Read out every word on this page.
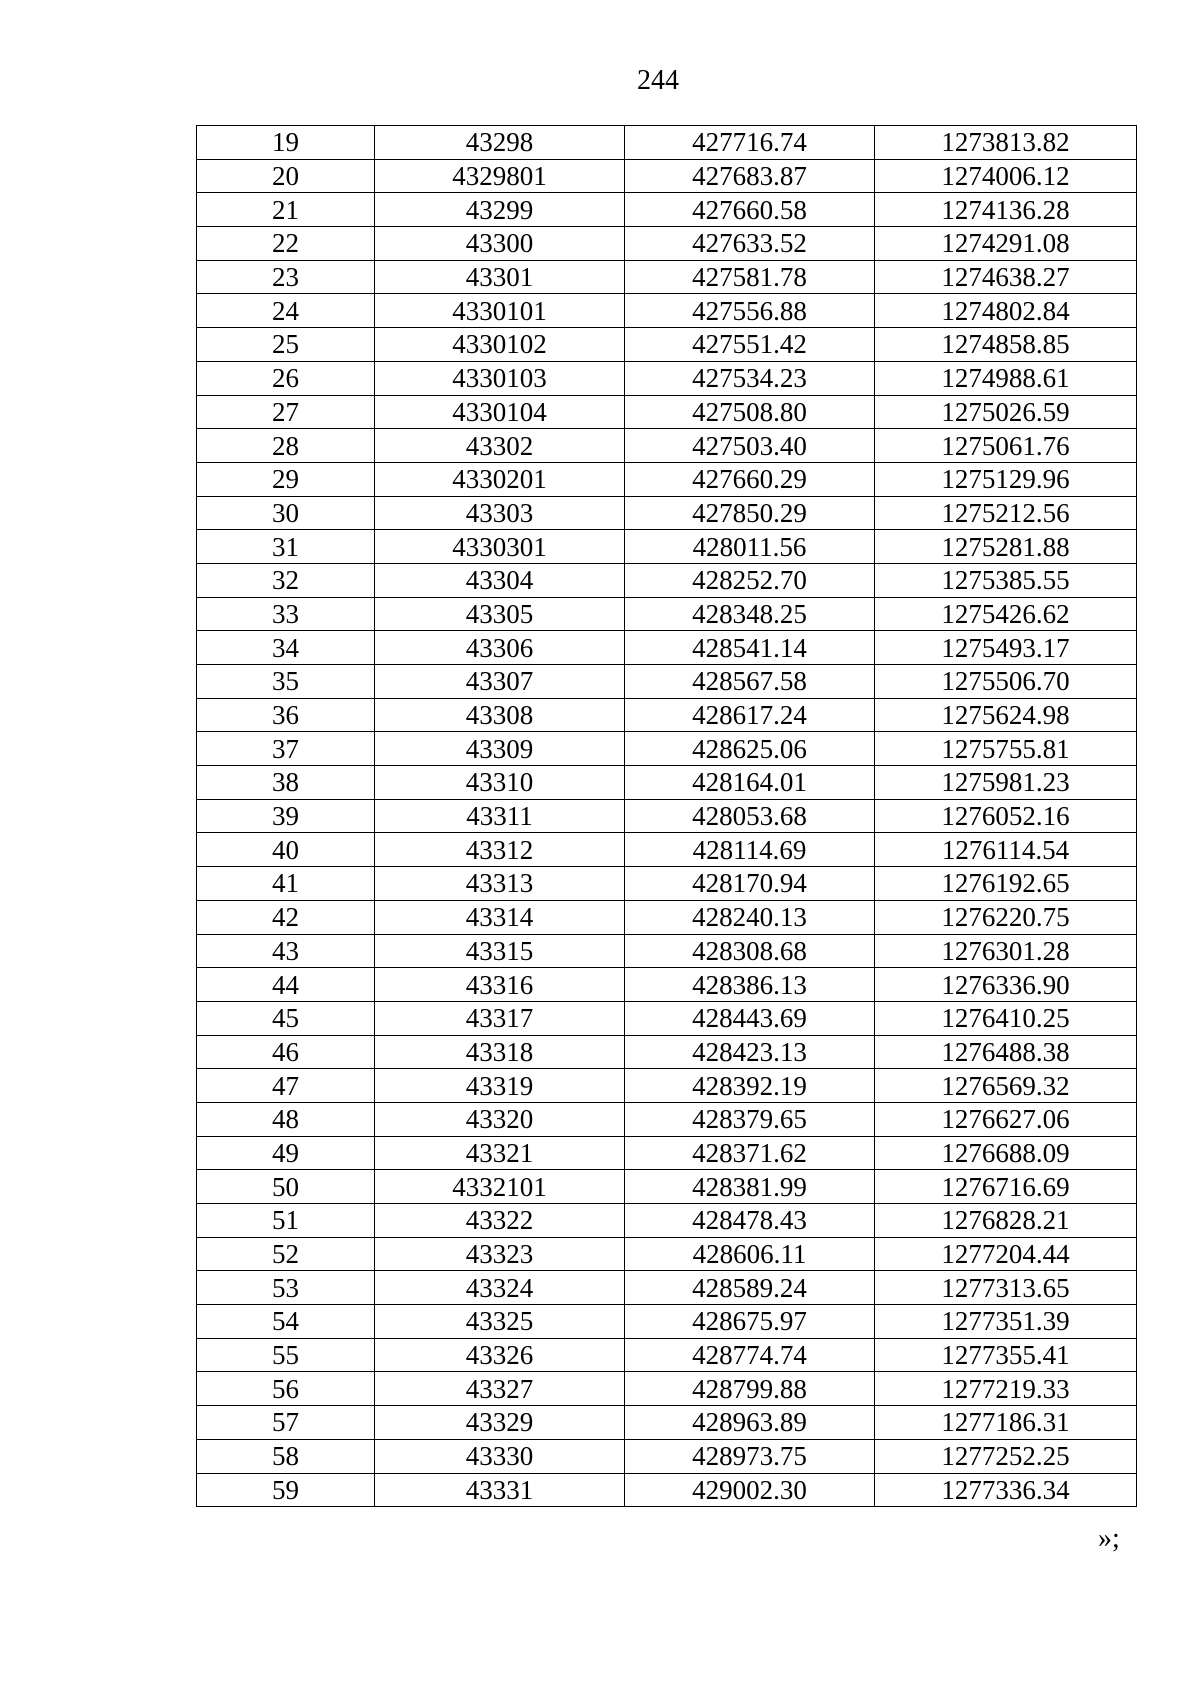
244
19	43298	427716.74	1273813.82
20	4329801	427683.87	1274006.12
21	43299	427660.58	1274136.28
22	43300	427633.52	1274291.08
23	43301	427581.78	1274638.27
24	4330101	427556.88	1274802.84
25	4330102	427551.42	1274858.85
26	4330103	427534.23	1274988.61
27	4330104	427508.80	1275026.59
28	43302	427503.40	1275061.76
29	4330201	427660.29	1275129.96
30	43303	427850.29	1275212.56
31	4330301	428011.56	1275281.88
32	43304	428252.70	1275385.55
33	43305	428348.25	1275426.62
34	43306	428541.14	1275493.17
35	43307	428567.58	1275506.70
36	43308	428617.24	1275624.98
37	43309	428625.06	1275755.81
38	43310	428164.01	1275981.23
39	43311	428053.68	1276052.16
40	43312	428114.69	1276114.54
41	43313	428170.94	1276192.65
42	43314	428240.13	1276220.75
43	43315	428308.68	1276301.28
44	43316	428386.13	1276336.90
45	43317	428443.69	1276410.25
46	43318	428423.13	1276488.38
47	43319	428392.19	1276569.32
48	43320	428379.65	1276627.06
49	43321	428371.62	1276688.09
50	4332101	428381.99	1276716.69
51	43322	428478.43	1276828.21
52	43323	428606.11	1277204.44
53	43324	428589.24	1277313.65
54	43325	428675.97	1277351.39
55	43326	428774.74	1277355.41
56	43327	428799.88	1277219.33
57	43329	428963.89	1277186.31
58	43330	428973.75	1277252.25
59	43331	429002.30	1277336.34
»;
